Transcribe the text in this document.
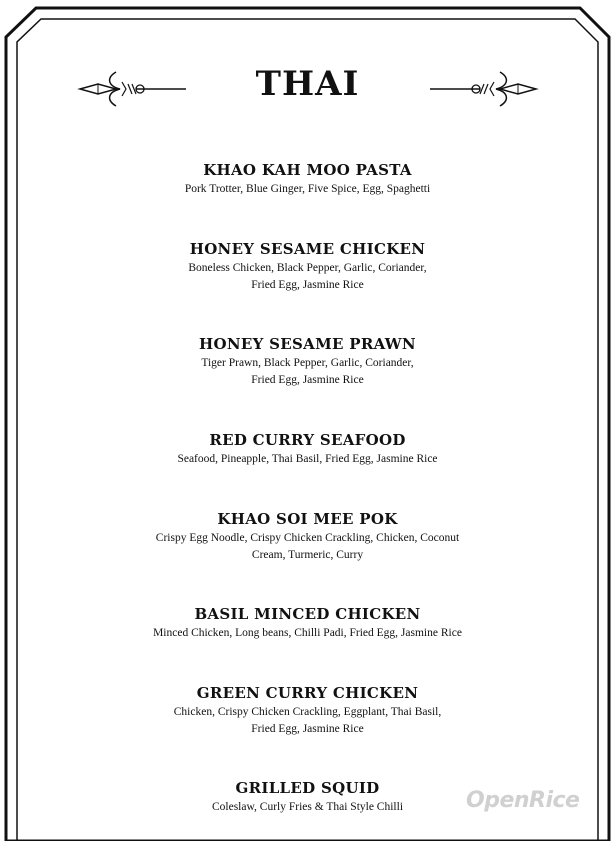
THAI

KHAO KAH MOO PASTA

Pork Trotter, Blue Ginger, Five Spice, Egg, Spaghetti

HONEY SESAME CHICKEN

Boneless Chicken, Black Pepper, Garlic, Coriander,
Fried Egg, Jasmine Rice

HONEY SESAME PRAWN

Tiger Prawn, Black Pepper, Garlic, Coriander,
Fried Egg, Jasmine Rice

RED CURRY SEAFOOD

Seafood, Pineapple, Thai Basil, Fried Egg, Jasmine Rice

KHAO SOI MEE POK

Crispy Egg Noodle, Crispy Chicken Crackling, Chicken, Coconut
Cream, Turmeric, Curry

BASIL MINCED CHICKEN

Minced Chicken, Long beans, Chilli Padi, Fried Egg, Jasmine Rice

GREEN CURRY CHICKEN

Chicken, Crispy Chicken Crackling, Eggplant, Thai Basil,
Fried Egg, Jasmine Rice

GRILLED SQUID

Coleslaw, Curly Fries & Thai Style Chilli	OpenRice
